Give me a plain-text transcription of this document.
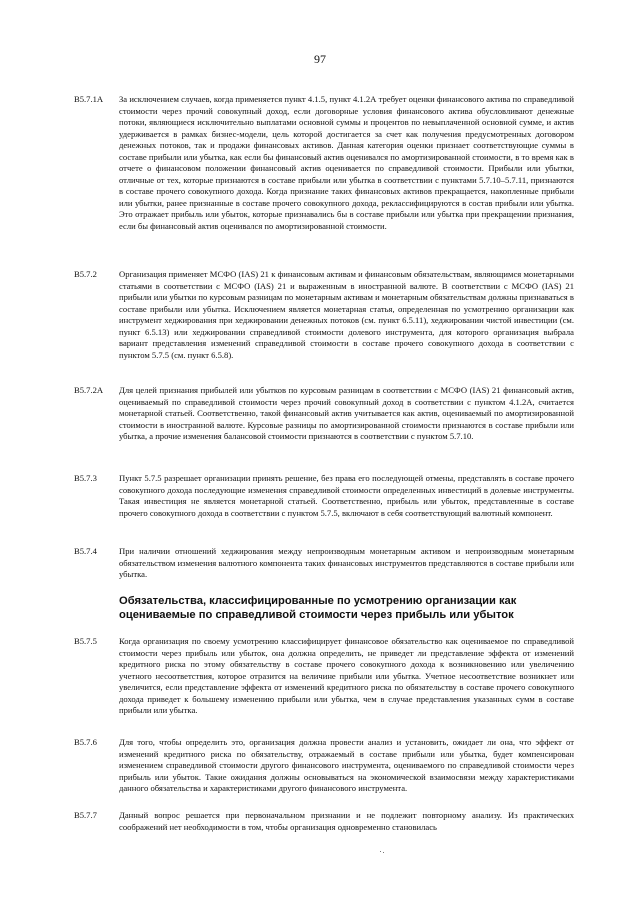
97
B5.7.1A	За исключением случаев, когда применяется пункт 4.1.5, пункт 4.1.2А требует оценки финансового актива по справедливой стоимости через прочий совокупный доход, если договорные условия финансового актива обусловливают денежные потоки, являющиеся исключительно выплатами основной суммы и процентов по невыплаченной основной сумме, и актив удерживается в рамках бизнес-модели, цель которой достигается за счет как получения предусмотренных договором денежных потоков, так и продажи финансовых активов. Данная категория оценки признает соответствующие суммы в составе прибыли или убытка, как если бы финансовый актив оценивался по амортизированной стоимости, в то время как в отчете о финансовом положении финансовый актив оценивается по справедливой стоимости. Прибыли или убытки, отличные от тех, которые признаются в составе прибыли или убытка в соответствии с пунктами 5.7.10–5.7.11, признаются в составе прочего совокупного дохода. Когда признание таких финансовых активов прекращается, накопленные прибыли или убытки, ранее признанные в составе прочего совокупного дохода, реклассифицируются в состав прибыли или убытка. Это отражает прибыль или убыток, которые признавались бы в составе прибыли или убытка при прекращении признания, если бы финансовый актив оценивался по амортизированной стоимости.
B5.7.2	Организация применяет МСФО (IAS) 21 к финансовым активам и финансовым обязательствам, являющимся монетарными статьями в соответствии с МСФО (IAS) 21 и выраженным в иностранной валюте. В соответствии с МСФО (IAS) 21 прибыли или убытки по курсовым разницам по монетарным активам и монетарным обязательствам должны признаваться в составе прибыли или убытка. Исключением является монетарная статья, определенная по усмотрению организации как инструмент хеджирования при хеджировании денежных потоков (см. пункт 6.5.11), хеджировании чистой инвестиции (см. пункт 6.5.13) или хеджировании справедливой стоимости долевого инструмента, для которого организация выбрала вариант представления изменений справедливой стоимости в составе прочего совокупного дохода в соответствии с пунктом 5.7.5 (см. пункт 6.5.8).
B5.7.2A	Для целей признания прибылей или убытков по курсовым разницам в соответствии с МСФО (IAS) 21 финансовый актив, оцениваемый по справедливой стоимости через прочий совокупный доход в соответствии с пунктом 4.1.2А, считается монетарной статьей. Соответственно, такой финансовый актив учитывается как актив, оцениваемый по амортизированной стоимости в иностранной валюте. Курсовые разницы по амортизированной стоимости признаются в составе прибыли или убытка, а прочие изменения балансовой стоимости признаются в соответствии с пунктом 5.7.10.
B5.7.3	Пункт 5.7.5 разрешает организации принять решение, без права его последующей отмены, представлять в составе прочего совокупного дохода последующие изменения справедливой стоимости определенных инвестиций в долевые инструменты. Такая инвестиция не является монетарной статьей. Соответственно, прибыль или убыток, представленные в составе прочего совокупного дохода в соответствии с пунктом 5.7.5, включают в себя соответствующий валютный компонент.
B5.7.4	При наличии отношений хеджирования между непроизводным монетарным активом и непроизводным монетарным обязательством изменения валютного компонента таких финансовых инструментов представляются в составе прибыли или убытка.
Обязательства, классифицированные по усмотрению организации как оцениваемые по справедливой стоимости через прибыль или убыток
B5.7.5	Когда организация по своему усмотрению классифицирует финансовое обязательство как оцениваемое по справедливой стоимости через прибыль или убыток, она должна определить, не приведет ли представление эффекта от изменений кредитного риска по этому обязательству в составе прочего совокупного дохода к возникновению или увеличению учетного несоответствия, которое отразится на величине прибыли или убытка. Учетное несоответствие возникнет или увеличится, если представление эффекта от изменений кредитного риска по обязательству в составе прочего совокупного дохода приведет к большему изменению прибыли или убытка, чем в случае представления указанных сумм в составе прибыли или убытка.
B5.7.6	Для того, чтобы определить это, организация должна провести анализ и установить, ожидает ли она, что эффект от изменений кредитного риска по обязательству, отражаемый в составе прибыли или убытка, будет компенсирован изменением справедливой стоимости другого финансового инструмента, оцениваемого по справедливой стоимости через прибыль или убыток. Такие ожидания должны основываться на экономической взаимосвязи между характеристиками данного обязательства и характеристиками другого финансового инструмента.
B5.7.7	Данный вопрос решается при первоначальном признании и не подлежит повторному анализу. Из практических соображений нет необходимости в том, чтобы организация одновременно становилась
